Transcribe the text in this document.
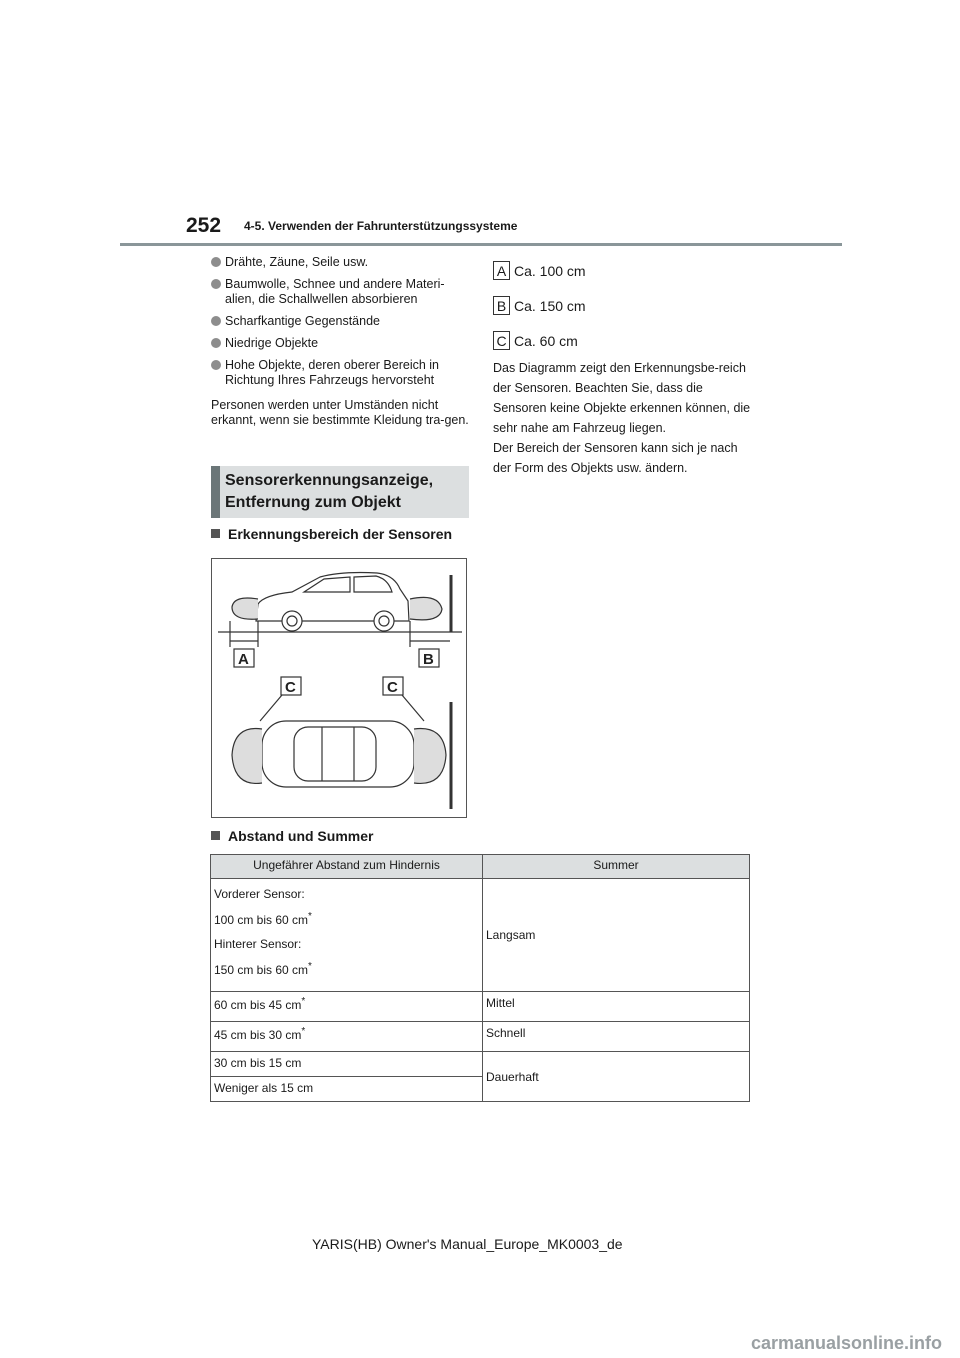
252 4-5. Verwenden der Fahrunterstützungssysteme
Drähte, Zäune, Seile usw.
Baumwolle, Schnee und andere Materi-alien, die Schallwellen absorbieren
Scharfkantige Gegenstände
Niedrige Objekte
Hohe Objekte, deren oberer Bereich in Richtung Ihres Fahrzeugs hervorsteht
Personen werden unter Umständen nicht erkannt, wenn sie bestimmte Kleidung tra-gen.
Sensorerkennungsanzeige,
Entfernung zum Objekt
Erkennungsbereich der Sensoren
A	B
C	C
Abstand und Summer
A Ca. 100 cm
B Ca. 150 cm
C Ca. 60 cm
Das Diagramm zeigt den Erkennungsbe-reich der Sensoren. Beachten Sie, dass die Sensoren keine Objekte erkennen können, die sehr nahe am Fahrzeug liegen.
Der Bereich der Sensoren kann sich je nach der Form des Objekts usw. ändern.
Ungefährer Abstand zum Hindernis	Summer

Vorderer Sensor:
100 cm bis 60 cm*
Hinterer Sensor:
150 cm bis 60 cm*	Langsam
60 cm bis 45 cm*	Mittel
45 cm bis 30 cm*	Schnell
30 cm bis 15 cm	Dauerhaft
Weniger als 15 cm	
YARIS(HB) Owner's Manual_Europe_MK0003_de
carmanualsonline.info
